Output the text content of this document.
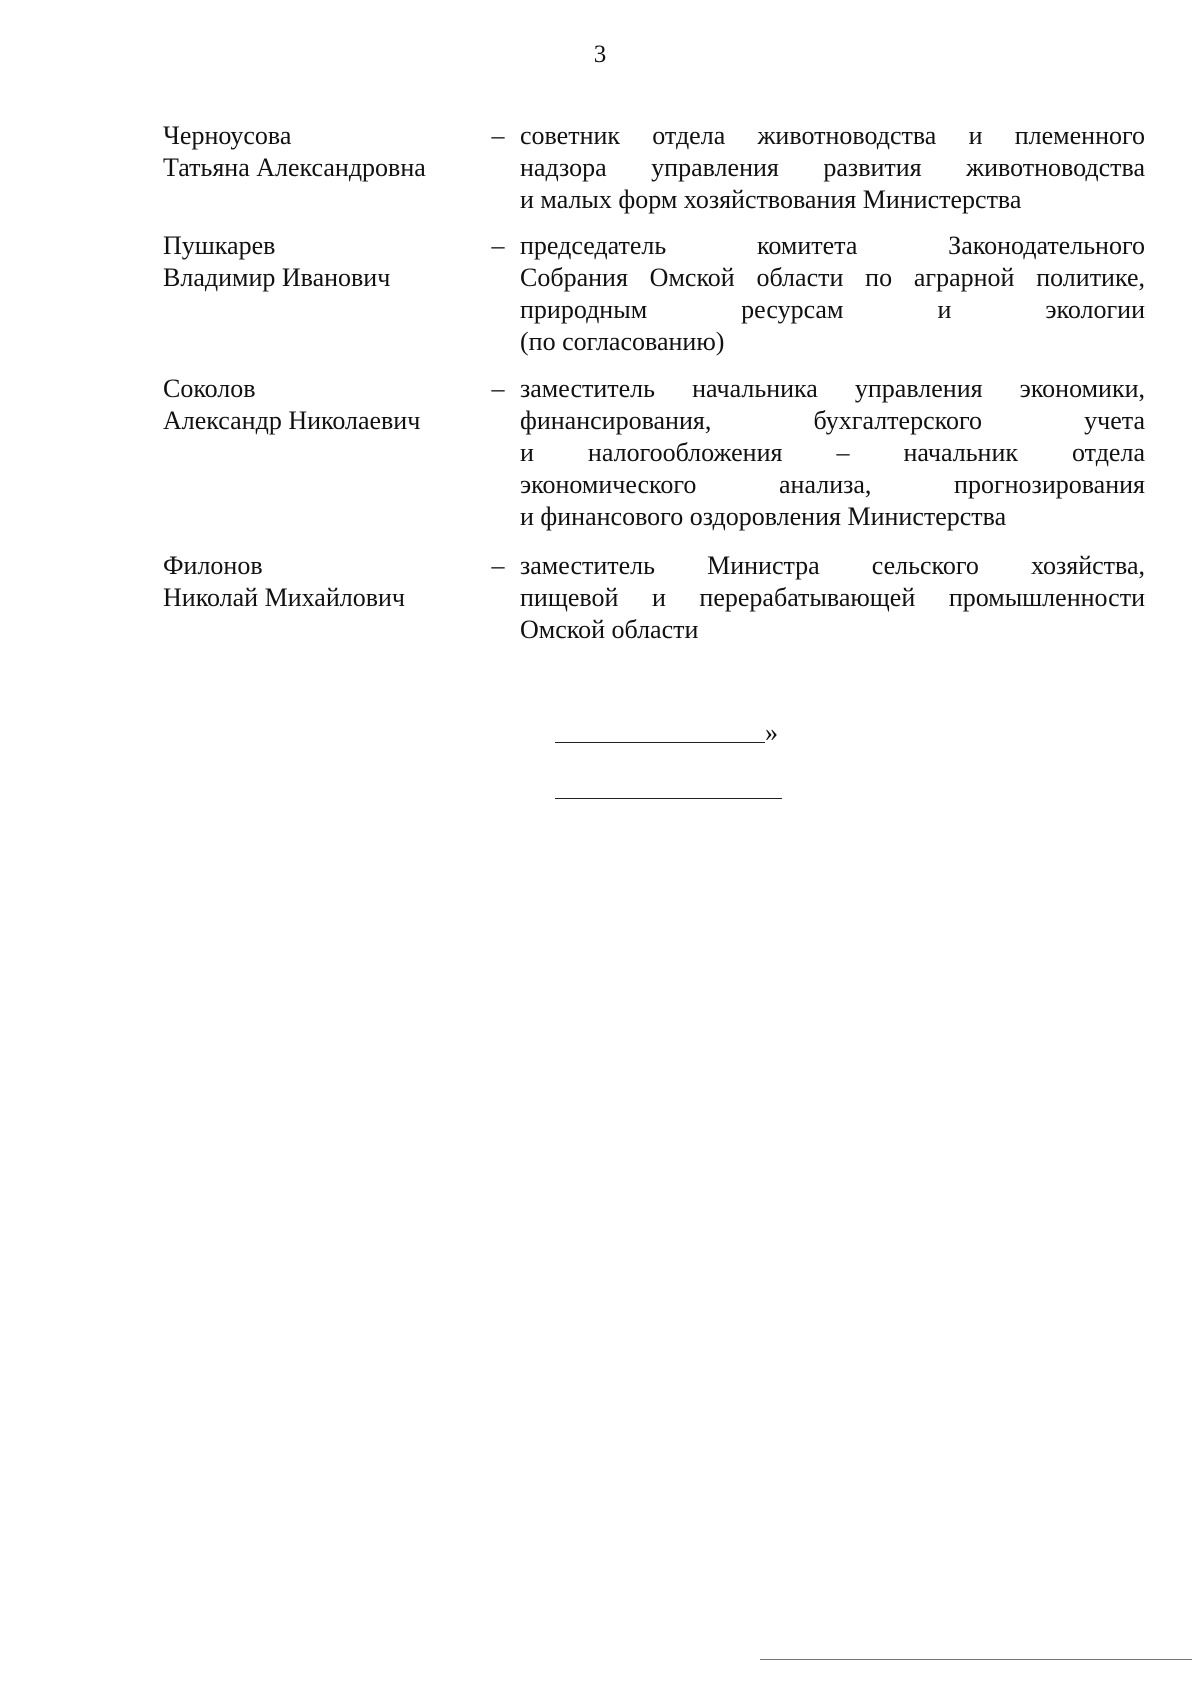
3
Черноусова
Татьяна Александровна
– советник отдела животноводства и племенного
надзора управления развития животноводства
и малых форм хозяйствования Министерства
Пушкарев
Владимир Иванович
– председатель комитета Законодательного
Собрания Омской области по аграрной политике,
природным ресурсам и экологии
(по согласованию)
Соколов
Александр Николаевич
– заместитель начальника управления экономики,
финансирования, бухгалтерского учета
и налогообложения – начальник отдела
экономического анализа, прогнозирования
и финансового оздоровления Министерства
Филонов
Николай Михайлович
– заместитель Министра сельского хозяйства,
пищевой и перерабатывающей промышленности
Омской области
»
